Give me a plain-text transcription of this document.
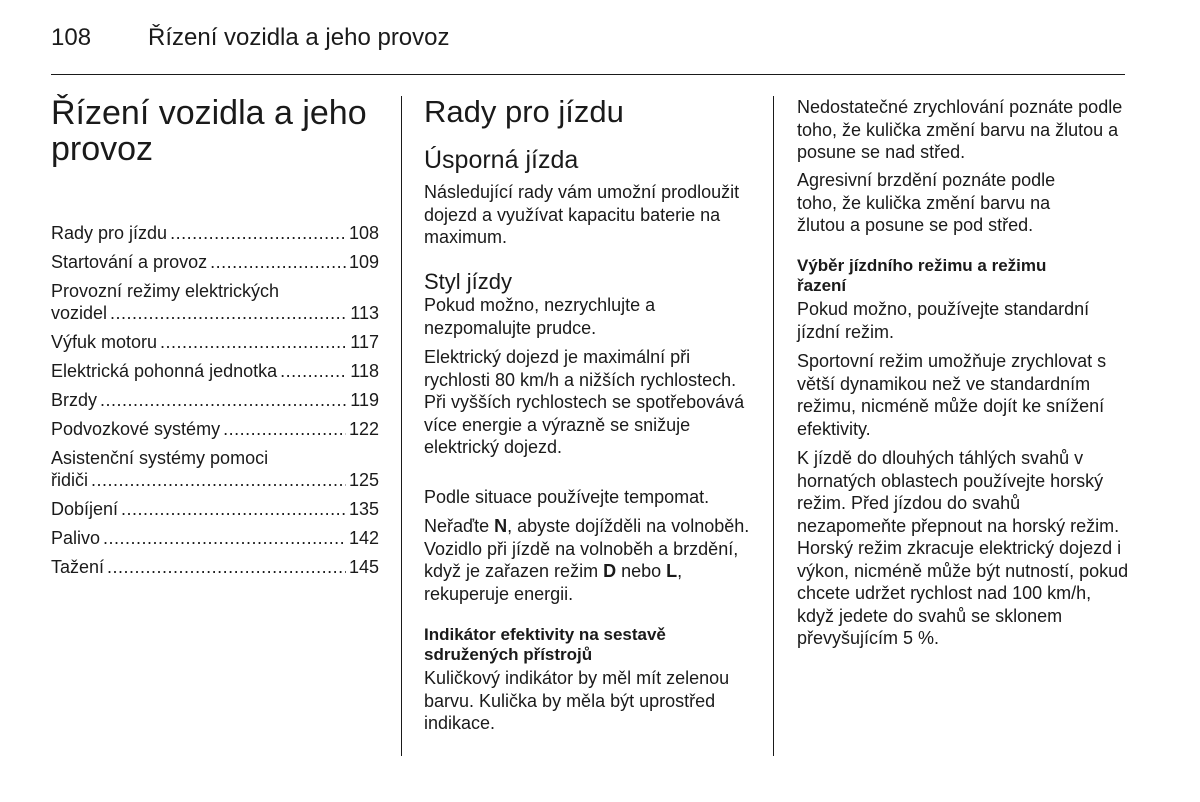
108 Řízení vozidla a jeho provoz
Řízení vozidla a jeho provoz
Rady pro jízdu .....	108
Startování a provoz .....	109
Provozní režimy elektrických
vozidel .....	113
Výfuk motoru .....	117
Elektrická pohonná jednotka .....	118
Brzdy .....	119
Podvozkové systémy .....	122
Asistenční systémy pomoci
řidiči .....	125
Dobíjení .....	135
Palivo .....	142
Tažení .....	145
Rady pro jízdu
Úsporná jízda

Následující rady vám umožní prodloužit dojezd a využívat kapacitu baterie na maximum.

Styl jízdy

Pokud možno, nezrychlujte a nezpomalujte prudce.

Elektrický dojezd je maximální při rychlosti 80 km/h a nižších rychlostech. Při vyšších rychlostech se spotřebovává více energie a výrazně se snižuje elektrický dojezd.

Podle situace používejte tempomat.

Neřaďte N, abyste dojížděli na volnoběh. Vozidlo při jízdě na volnoběh a brzdění, když je zařazen režim D nebo L, rekuperuje energii.

Indikátor efektivity na sestavě sdružených přístrojů

Kuličkový indikátor by měl mít zelenou barvu. Kulička by měla být uprostřed indikace.

Nedostatečné zrychlování poznáte podle toho, že kulička změní barvu na žlutou a posune se nad střed.

Agresivní brzdění poznáte podle toho, že kulička změní barvu na žlutou a posune se pod střed.

Výběr jízdního režimu a režimu řazení

Pokud možno, používejte standardní jízdní režim.

Sportovní režim umožňuje zrychlovat s větší dynamikou než ve standardním režimu, nicméně může dojít ke snížení efektivity.

K jízdě do dlouhých táhlých svahů v hornatých oblastech používejte horský režim. Před jízdou do svahů nezapomeňte přepnout na horský režim. Horský režim zkracuje elektrický dojezd i výkon, nicméně může být nutností, pokud chcete udržet rychlost nad 100 km/h, když jedete do svahů se sklonem převyšujícím 5 %.
